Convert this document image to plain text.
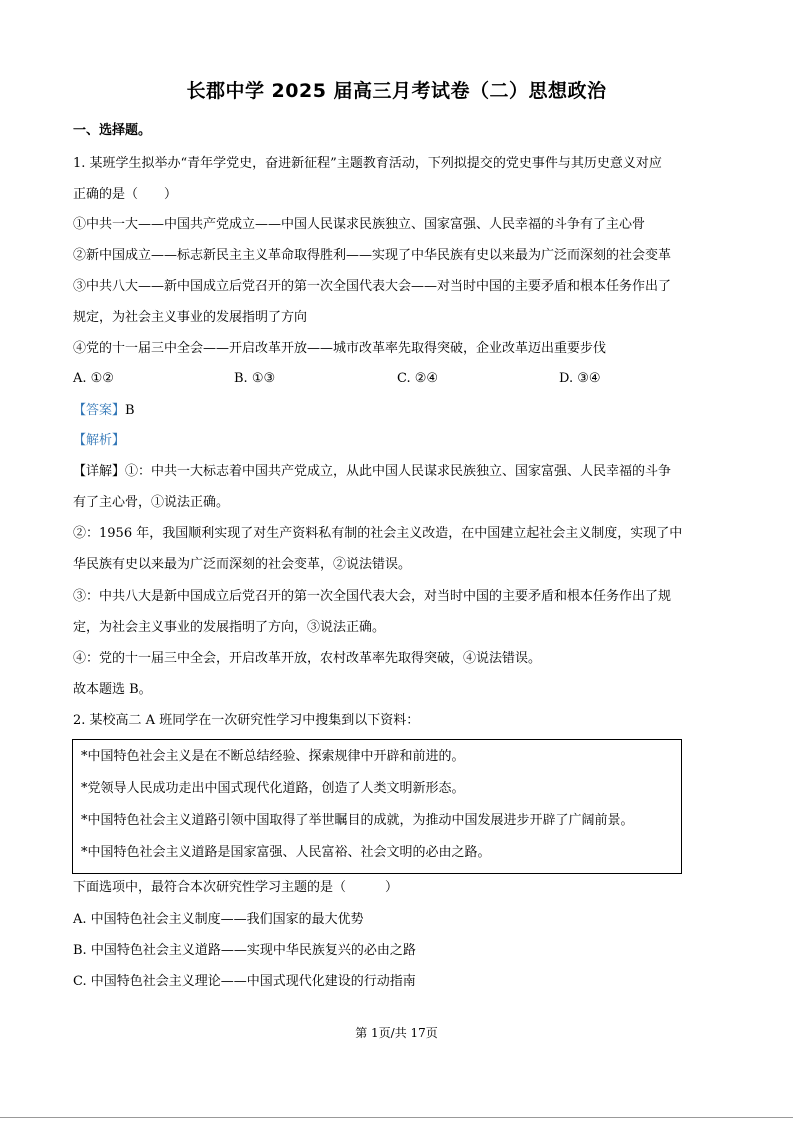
长郡中学 2025 届高三月考试卷（二）思想政治
一、选择题。
1. 某班学生拟举办“青年学党史，奋进新征程”主题教育活动，下列拟提交的党史事件与其历史意义对应
正确的是（　　）
①中共一大——中国共产党成立——中国人民谋求民族独立、国家富强、人民幸福的斗争有了主心骨
②新中国成立——标志新民主主义革命取得胜利——实现了中华民族有史以来最为广泛而深刻的社会变革
③中共八大——新中国成立后党召开的第一次全国代表大会——对当时中国的主要矛盾和根本任务作出了
规定，为社会主义事业的发展指明了方向
④党的十一届三中全会——开启改革开放——城市改革率先取得突破，企业改革迈出重要步伐
A. ①②	B. ①③	C. ②④	D. ③④
【答案】B
【解析】
【详解】①：中共一大标志着中国共产党成立，从此中国人民谋求民族独立、国家富强、人民幸福的斗争
有了主心骨，①说法正确。
②：1956 年，我国顺利实现了对生产资料私有制的社会主义改造，在中国建立起社会主义制度，实现了中
华民族有史以来最为广泛而深刻的社会变革，②说法错误。
③：中共八大是新中国成立后党召开的第一次全国代表大会，对当时中国的主要矛盾和根本任务作出了规
定，为社会主义事业的发展指明了方向，③说法正确。
④：党的十一届三中全会，开启改革开放，农村改革率先取得突破，④说法错误。
故本题选 B。
2. 某校高二 A 班同学在一次研究性学习中搜集到以下资料：
*中国特色社会主义是在不断总结经验、探索规律中开辟和前进的。
*党领导人民成功走出中国式现代化道路，创造了人类文明新形态。
*中国特色社会主义道路引领中国取得了举世瞩目的成就，为推动中国发展进步开辟了广阔前景。
*中国特色社会主义道路是国家富强、人民富裕、社会文明的必由之路。
下面选项中，最符合本次研究性学习主题的是（　　　）
A. 中国特色社会主义制度——我们国家的最大优势
B. 中国特色社会主义道路——实现中华民族复兴的必由之路
C. 中国特色社会主义理论——中国式现代化建设的行动指南
第 1页/共 17页
